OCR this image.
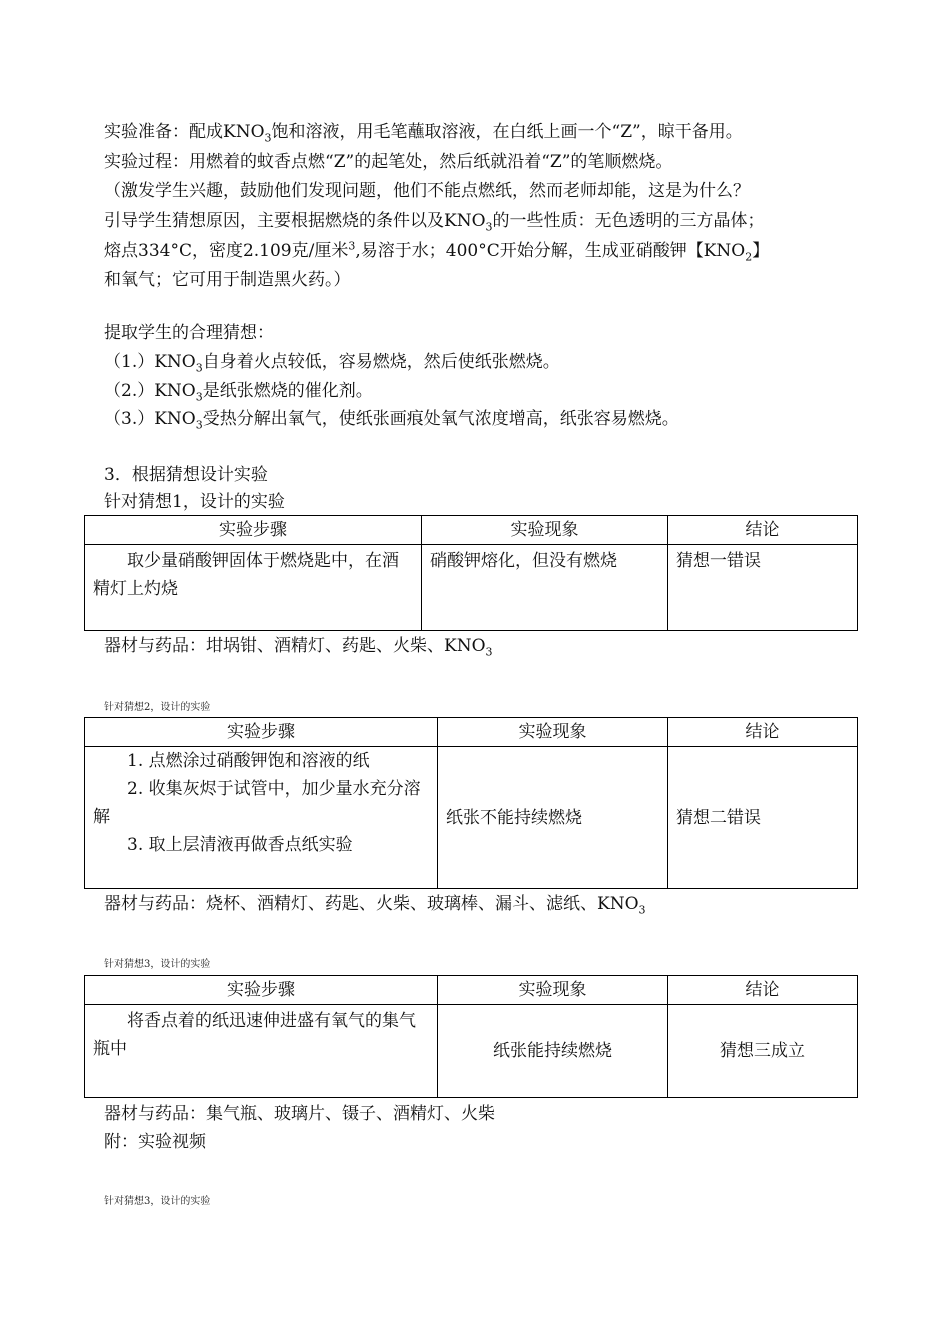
实验准备：配成$KNO_3$饱和溶液，用毛笔蘸取溶液，在白纸上画一个“Z”，晾干备用。
实验过程：用燃着的蚊香点燃“Z”的起笔处，然后纸就沿着“Z”的笔顺燃烧。
（激发学生兴趣，鼓励他们发现问题，他们不能点燃纸，然而老师却能，这是为什么？
引导学生猜想原因，主要根据燃烧的条件以及$KNO_3$的一些性质：无色透明的三方晶体；
熔点334°C，密度2.109克/厘米$^3$,易溶于水；400°C开始分解，生成亚硝酸钾【$KNO_2$】
和氧气；它可用于制造黑火药。）
提取学生的合理猜想：
$(1.)KNO_3$自身着火点较低，容易燃烧，然后使纸张燃烧。
$(2.)KNO_3$是纸张燃烧的催化剂。
$(3.)KNO_3$受热分解出氧气，使纸张画痕处氧气浓度增高，纸张容易燃烧。
3．根据猜想设计实验
针对猜想1，设计的实验
实验步骤	实验现象	结论
取少量硝酸钾固体于燃烧匙中，在酒精灯上灼烧	硝酸钾熔化，但没有燃烧	猜想一错误
器材与药品：坩埚钳、酒精灯、药匙、火柴、$KNO_3$
针对猜想2，设计的实验
实验步骤	实验现象	结论

1. 点燃涂过硝酸钾饱和溶液的纸
2. 收集灰烬于试管中，加少量水充分溶解
3. 取上层清液再做香点纸实验	纸张不能持续燃烧	猜想二错误
器材与药品：烧杯、酒精灯、药匙、火柴、玻璃棒、漏斗、滤纸、$KNO_3$
针对猜想3，设计的实验
实验步骤	实验现象	结论
将香点着的纸迅速伸进盛有氧气的集气瓶中	纸张能持续燃烧	猜想三成立
器材与药品：集气瓶、玻璃片、镊子、酒精灯、火柴
附：实验视频
针对猜想3，设计的实验
